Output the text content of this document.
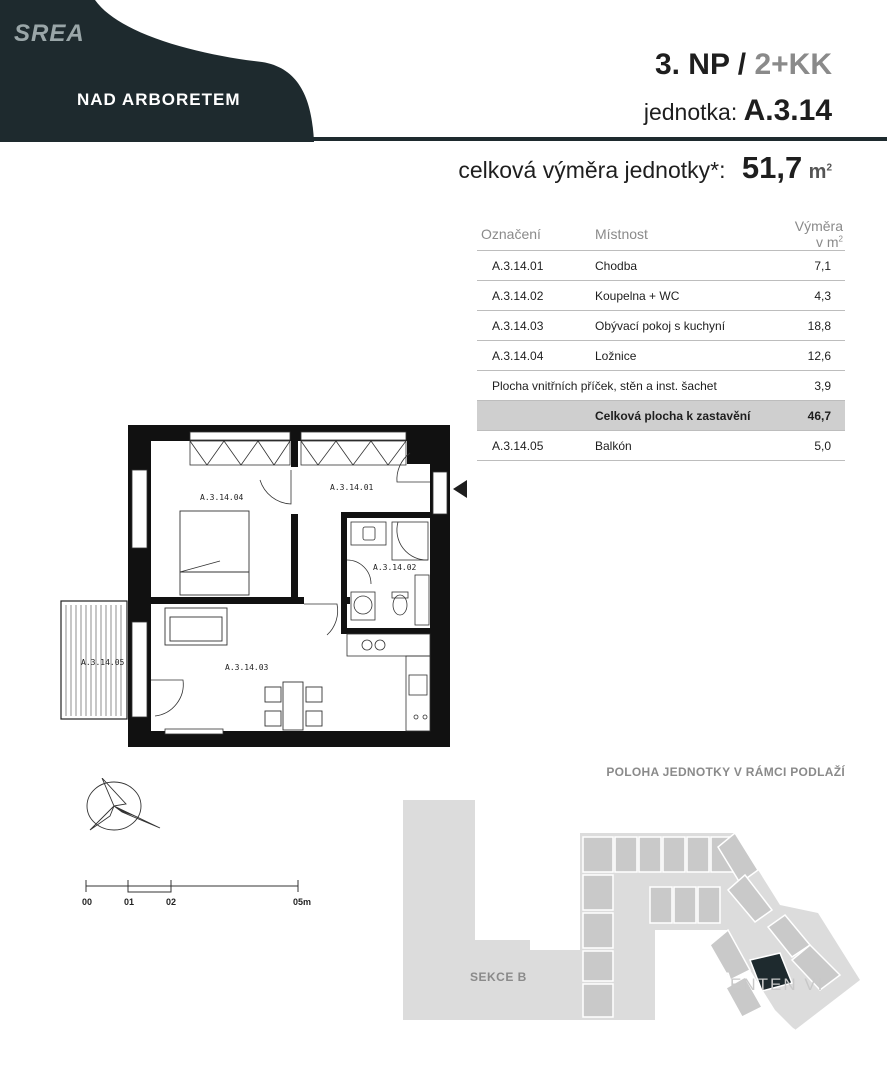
SREA
NAD ARBORETEM
3. NP / 2+KK
jednotka: A.3.14
celková výměra jednotky*: 51,7 $m^2$
Označení	Místnost	Výměra v $m^2$
A.3.14.01	Chodba	7,1
A.3.14.02	Koupelna + WC	4,3
A.3.14.03	Obývací pokoj s kuchyní	18,8
A.3.14.04	Ložnice	12,6
Plocha vnitřních příček, stěn a inst. šachet		3,9
	Celková plocha k zastavění	46,7
A.3.14.05	Balkón	5,0
A.3.14.04
A.3.14.01
A.3.14.02
A.3.14.03
A.3.14.05
00	01	02	05m
POLOHA JEDNOTKY V RÁMCI PODLAŽÍ
SEKCE B	SEKCE A
ENTEN VI
